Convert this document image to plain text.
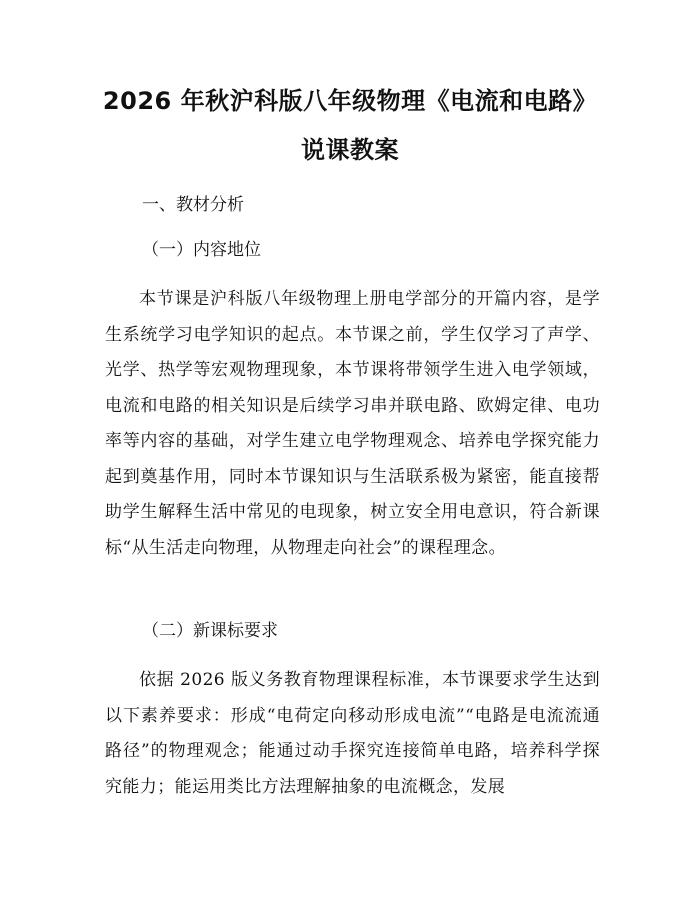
2026 年秋沪科版八年级物理《电流和电路》
说课教案
一、教材分析
（一）内容地位
本节课是沪科版八年级物理上册电学部分的开篇内容，是学生系统学习电学知识的起点。本节课之前，学生仅学习了声学、光学、热学等宏观物理现象，本节课将带领学生进入电学领域，电流和电路的相关知识是后续学习串并联电路、欧姆定律、电功率等内容的基础，对学生建立电学物理观念、培养电学探究能力起到奠基作用，同时本节课知识与生活联系极为紧密，能直接帮助学生解释生活中常见的电现象，树立安全用电意识，符合新课标“从生活走向物理，从物理走向社会”的课程理念。
（二）新课标要求
依据 2026 版义务教育物理课程标准，本节课要求学生达到以下素养要求：形成“电荷定向移动形成电流”“电路是电流流通路径”的物理观念；能通过动手探究连接简单电路，培养科学探究能力；能运用类比方法理解抽象的电流概念，发展
